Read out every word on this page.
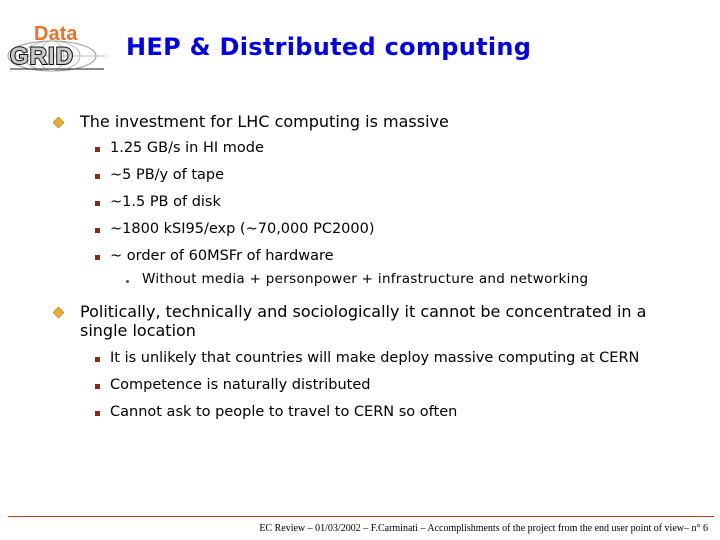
Data
GRID HEP & Distributed computing
The investment for LHC computing is massive
1.25 GB/s in HI mode
~5 PB/y of tape
~1.5 PB of disk
~1800 kSI95/exp (~70,000 PC2000)
~ order of 60MSFr of hardware
Without media + personpower + infrastructure and networking
Politically, technically and sociologically it cannot be concentrated in a single location
It is unlikely that countries will make deploy massive computing at CERN
Competence is naturally distributed
Cannot ask to people to travel to CERN so often
EC Review – 01/03/2002 – F.Carminati – Accomplishments of the project from the end user point of view– n° 6
